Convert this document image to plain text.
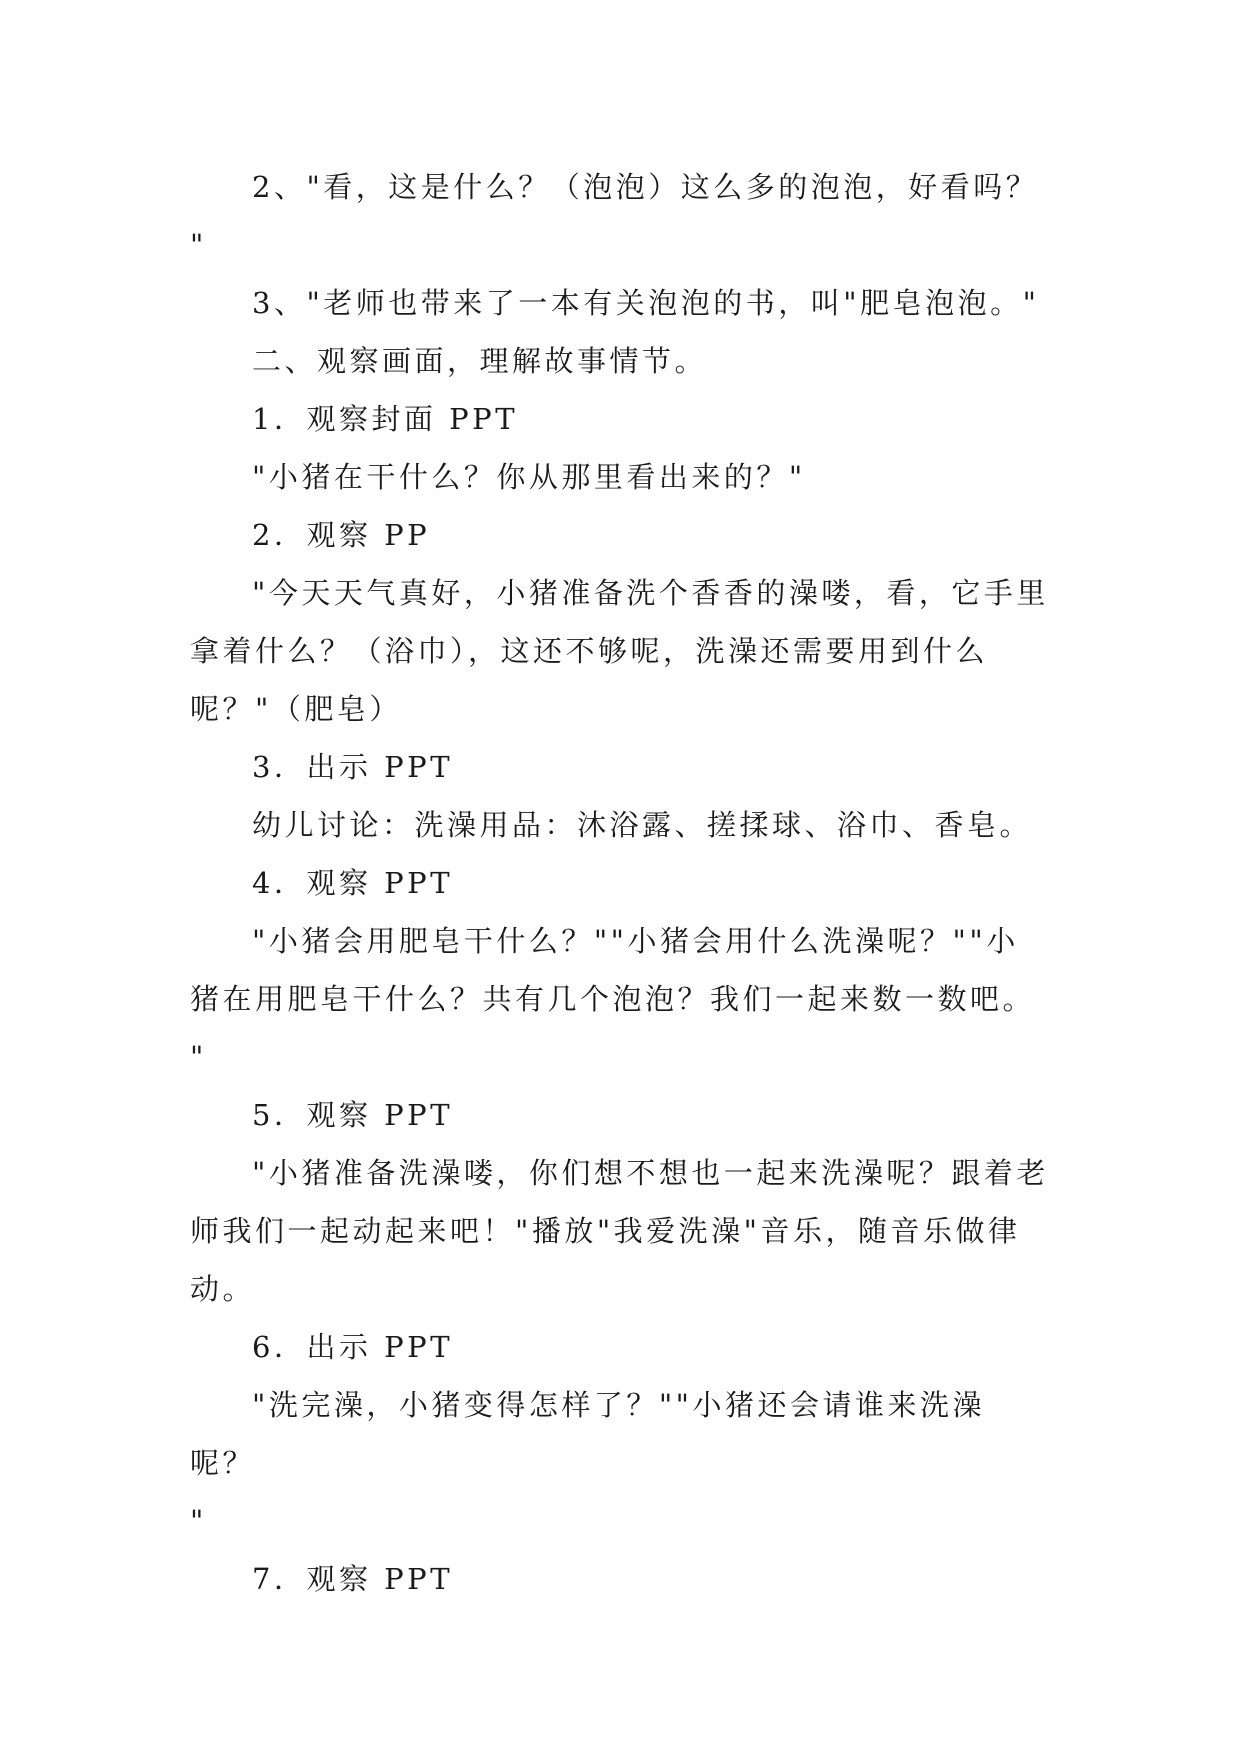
2、"看，这是什么？（泡泡）这么多的泡泡，好看吗？

"

3、"老师也带来了一本有关泡泡的书，叫"肥皂泡泡。"

二、观察画面，理解故事情节。

1．观察封面 PPT

"小猪在干什么？你从那里看出来的？"

2．观察 PP

"今天天气真好，小猪准备洗个香香的澡喽，看，它手里拿着什么？（浴巾），这还不够呢，洗澡还需要用到什么呢？"（肥皂）

3．出示 PPT

幼儿讨论：洗澡用品：沐浴露、搓揉球、浴巾、香皂。

4．观察 PPT

"小猪会用肥皂干什么？""小猪会用什么洗澡呢？""小猪在用肥皂干什么？共有几个泡泡？我们一起来数一数吧。

"

5．观察 PPT

"小猪准备洗澡喽，你们想不想也一起来洗澡呢？跟着老师我们一起动起来吧！"播放"我爱洗澡"音乐，随音乐做律动。

6．出示 PPT

"洗完澡，小猪变得怎样了？""小猪还会请谁来洗澡呢？

"

7．观察 PPT
